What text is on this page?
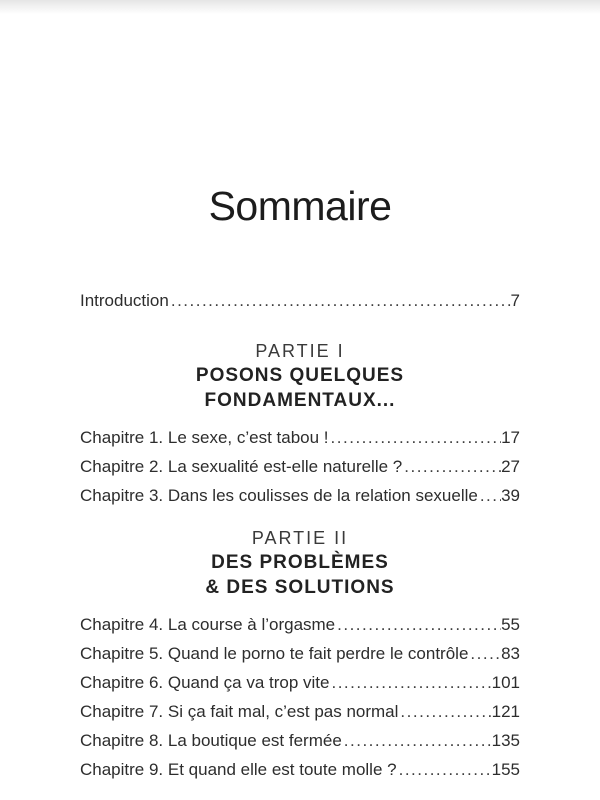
Sommaire
Introduction .....	7
PARTIE I
POSONS QUELQUES
FONDAMENTAUX...
Chapitre 1. Le sexe, c’est tabou ! .....	17
Chapitre 2. La sexualité est-elle naturelle ? .....	27
Chapitre 3. Dans les coulisses de la relation sexuelle ..... 39
PARTIE II
DES PROBLÈMES
& DES SOLUTIONS
Chapitre 4. La course à l’orgasme .....	55
Chapitre 5. Quand le porno te fait perdre le contrôle ..... 83
Chapitre 6. Quand ça va trop vite .....	101
Chapitre 7. Si ça fait mal, c’est pas normal .....	121
Chapitre 8. La boutique est fermée .....	135
Chapitre 9. Et quand elle est toute molle ? .....	155
